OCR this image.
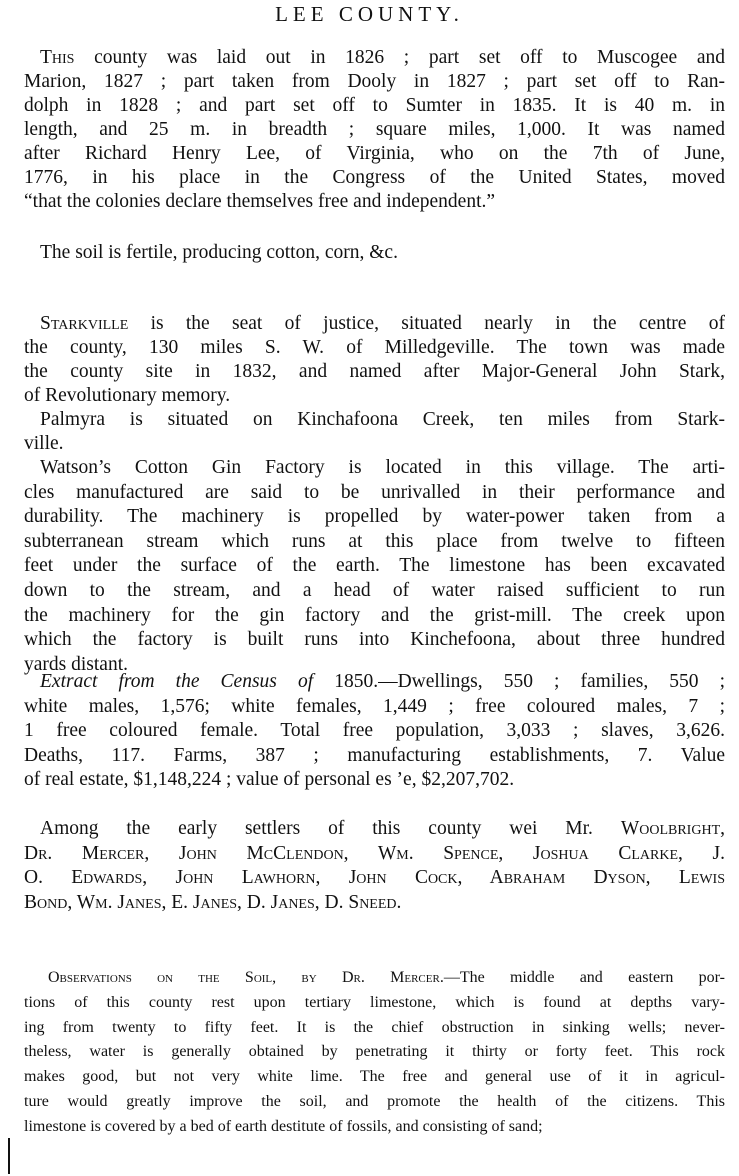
LEE COUNTY.
This county was laid out in 1826 ; part set off to Muscogee and
Marion, 1827 ; part taken from Dooly in 1827 ; part set off to Ran-
dolph in 1828 ; and part set off to Sumter in 1835. It is 40 m. in
length, and 25 m. in breadth ; square miles, 1,000. It was named
after Richard Henry Lee, of Virginia, who on the 7th of June,
1776, in his place in the Congress of the United States, moved
“that the colonies declare themselves free and independent.”
The soil is fertile, producing cotton, corn, &c.
Starkville is the seat of justice, situated nearly in the centre of
the county, 130 miles S. W. of Milledgeville. The town was made
the county site in 1832, and named after Major-General John Stark,
of Revolutionary memory.
Palmyra is situated on Kinchafoona Creek, ten miles from Stark-
ville.
Watson’s Cotton Gin Factory is located in this village. The arti-
cles manufactured are said to be unrivalled in their performance and
durability. The machinery is propelled by water-power taken from a
subterranean stream which runs at this place from twelve to fifteen
feet under the surface of the earth. The limestone has been excavated
down to the stream, and a head of water raised sufficient to run
the machinery for the gin factory and the grist-mill. The creek upon
which the factory is built runs into Kinchefoona, about three hundred
yards distant.
Extract from the Census of 1850.—Dwellings, 550 ; families, 550 ;
white males, 1,576; white females, 1,449 ; free coloured males, 7 ;
1 free coloured female. Total free population, 3,033 ; slaves, 3,626.
Deaths, 117. Farms, 387 ; manufacturing establishments, 7. Value
of real estate, $1,148,224 ; value of personal es ’e, $2,207,702.
Among the early settlers of this county wei Mr. Woolbright,
Dr. Mercer, John McClendon, Wm. Spence, Joshua Clarke, J.
O. Edwards, John Lawhorn, John Cock, Abraham Dyson, Lewis
Bond, Wm. Janes, E. Janes, D. Janes, D. Sneed.
Observations on the Soil, by Dr. Mercer.—The middle and eastern por-
tions of this county rest upon tertiary limestone, which is found at depths vary-
ing from twenty to fifty feet. It is the chief obstruction in sinking wells; never-
theless, water is generally obtained by penetrating it thirty or forty feet. This rock
makes good, but not very white lime. The free and general use of it in agricul-
ture would greatly improve the soil, and promote the health of the citizens. This
limestone is covered by a bed of earth destitute of fossils, and consisting of sand;
